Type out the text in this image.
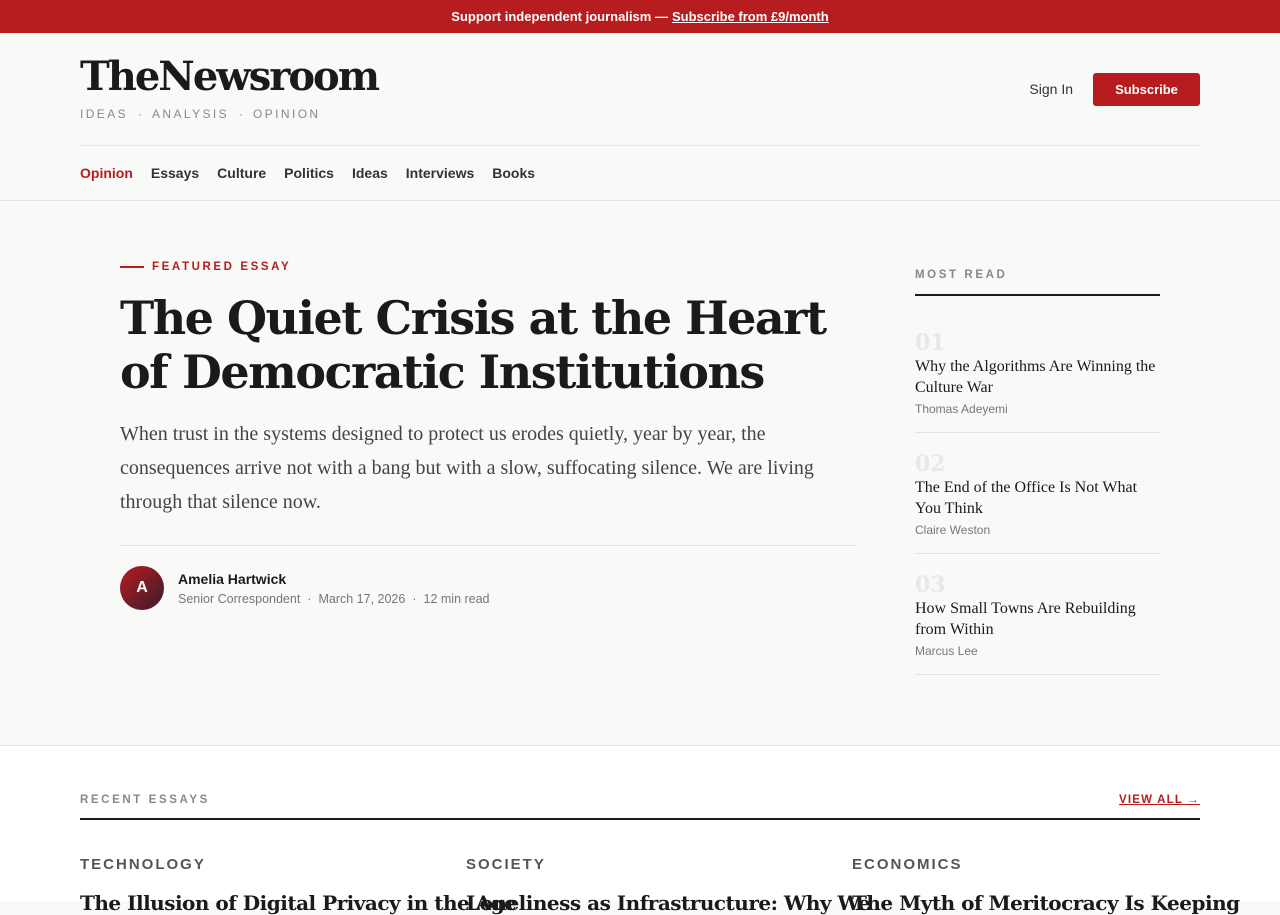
Support independent journalism — Subscribe from £9/month
TheNewsroom
IDEAS · ANALYSIS · OPINION
Sign In	Subscribe
Opinion Essays Culture Politics Ideas Interviews Books
FEATURED ESSAY
The Quiet Crisis at the Heart of Democratic Institutions

When trust in the systems designed to protect us erodes quietly, year by year, the consequences arrive not with a bang but with a slow, suffocating silence. We are living through that silence now.

A
Amelia Hartwick
Senior Correspondent · March 17, 2026 · 12 min read
MOST READ
01
Why the Algorithms Are Winning the Culture War
Thomas Adeyemi
02
The End of the Office Is Not What You Think
Claire Weston
03
How Small Towns Are Rebuilding from Within
Marcus Lee
RECENT ESSAYS	VIEW ALL →
TECHNOLOGY
The Illusion of Digital Privacy in the Age
SOCIETY
Loneliness as Infrastructure: Why We
ECONOMICS
The Myth of Meritocracy Is Keeping
